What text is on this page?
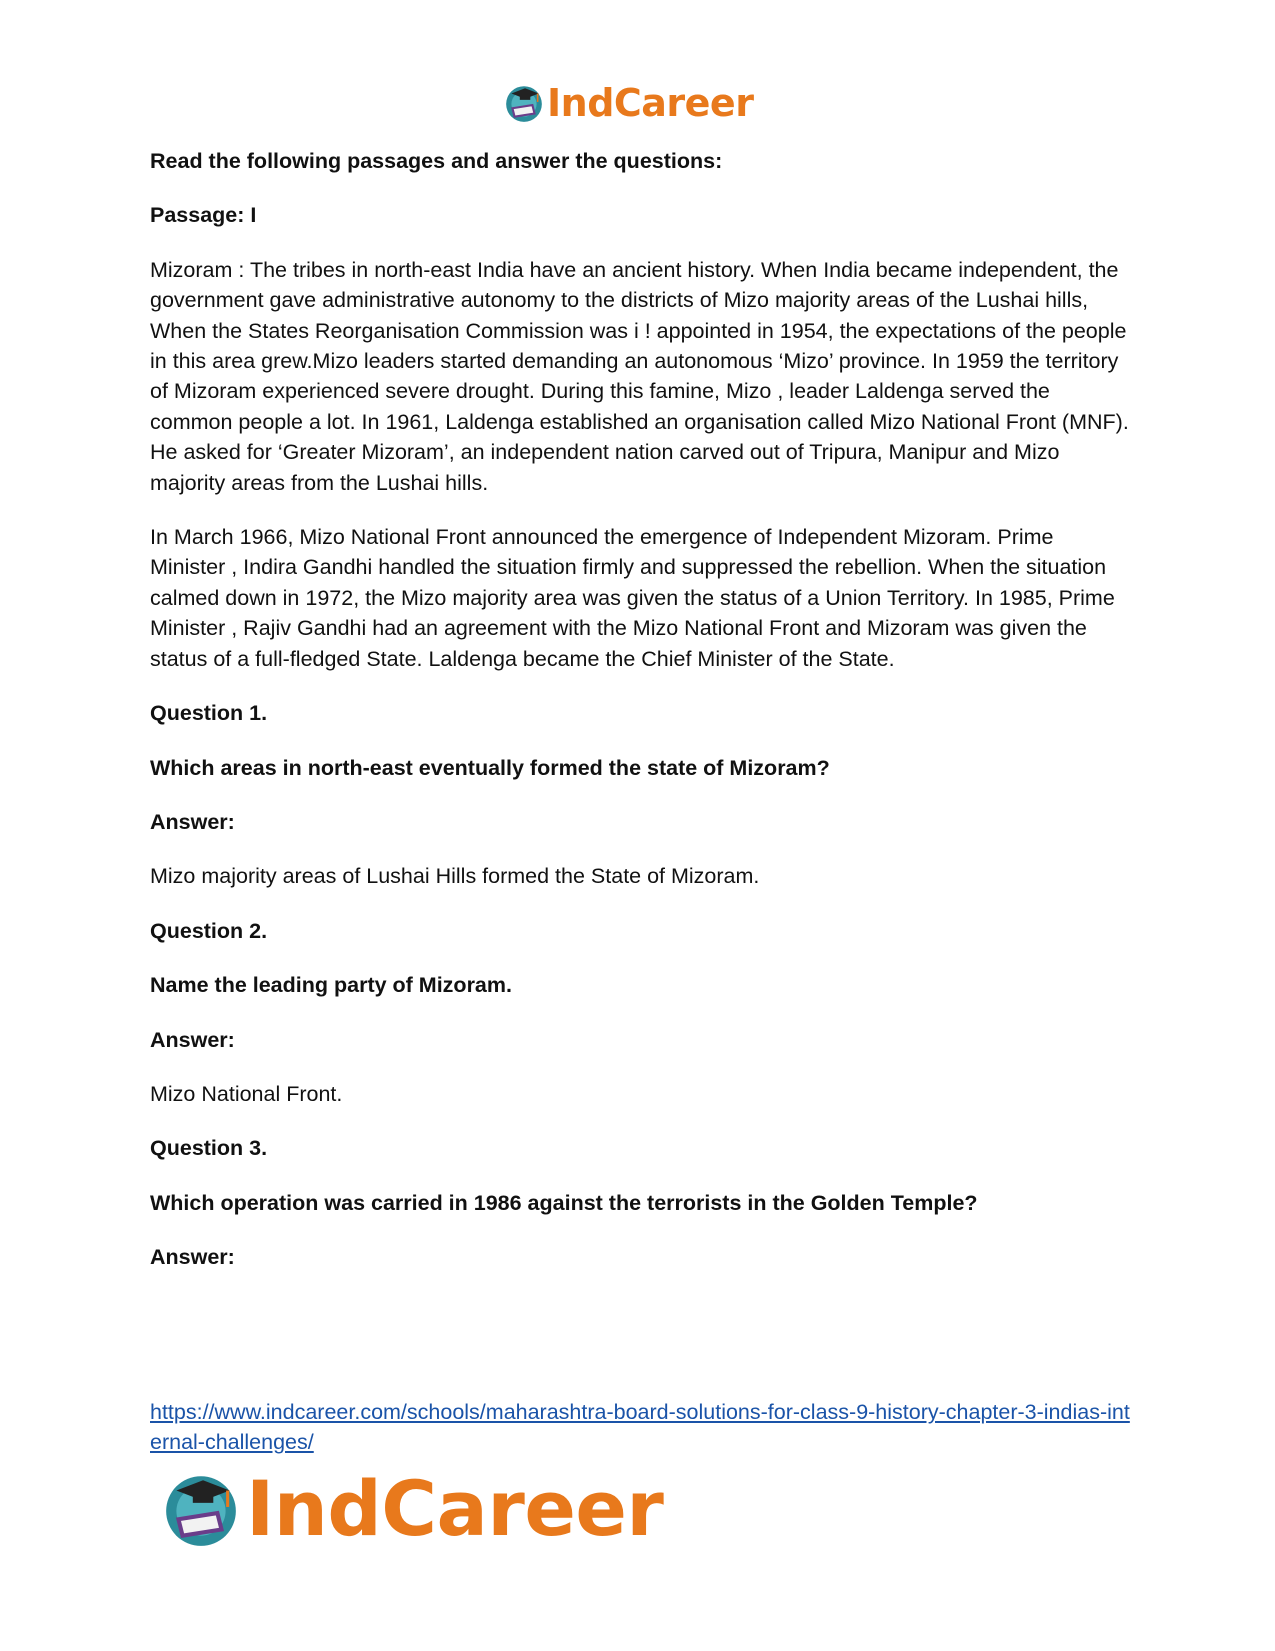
IndCareer

Read the following passages and answer the questions:

Passage: I

Mizoram : The tribes in north-east India have an ancient history. When India became independent, the government gave administrative autonomy to the districts of Mizo majority areas of the Lushai hills, When the States Reorganisation Commission was i ! appointed in 1954, the expectations of the people in this area grew.Mizo leaders started demanding an autonomous ‘Mizo’ province. In 1959 the territory of Mizoram experienced severe drought. During this famine, Mizo , leader Laldenga served the common people a lot. In 1961, Laldenga established an organisation called Mizo National Front (MNF). He asked for ‘Greater Mizoram’, an independent nation carved out of Tripura, Manipur and Mizo majority areas from the Lushai hills.

In March 1966, Mizo National Front announced the emergence of Independent Mizoram. Prime Minister , Indira Gandhi handled the situation firmly and suppressed the rebellion. When the situation calmed down in 1972, the Mizo majority area was given the status of a Union Territory. In 1985, Prime Minister , Rajiv Gandhi had an agreement with the Mizo National Front and Mizoram was given the status of a full-fledged State. Laldenga became the Chief Minister of the State.

Question 1.

Which areas in north-east eventually formed the state of Mizoram?

Answer:

Mizo majority areas of Lushai Hills formed the State of Mizoram.

Question 2.

Name the leading party of Mizoram.

Answer:

Mizo National Front.

Question 3.

Which operation was carried in 1986 against the terrorists in the Golden Temple?

Answer:

https://www.indcareer.com/schools/maharashtra-board-solutions-for-class-9-history-chapter-3-indias-internal-challenges/
IndCareer
